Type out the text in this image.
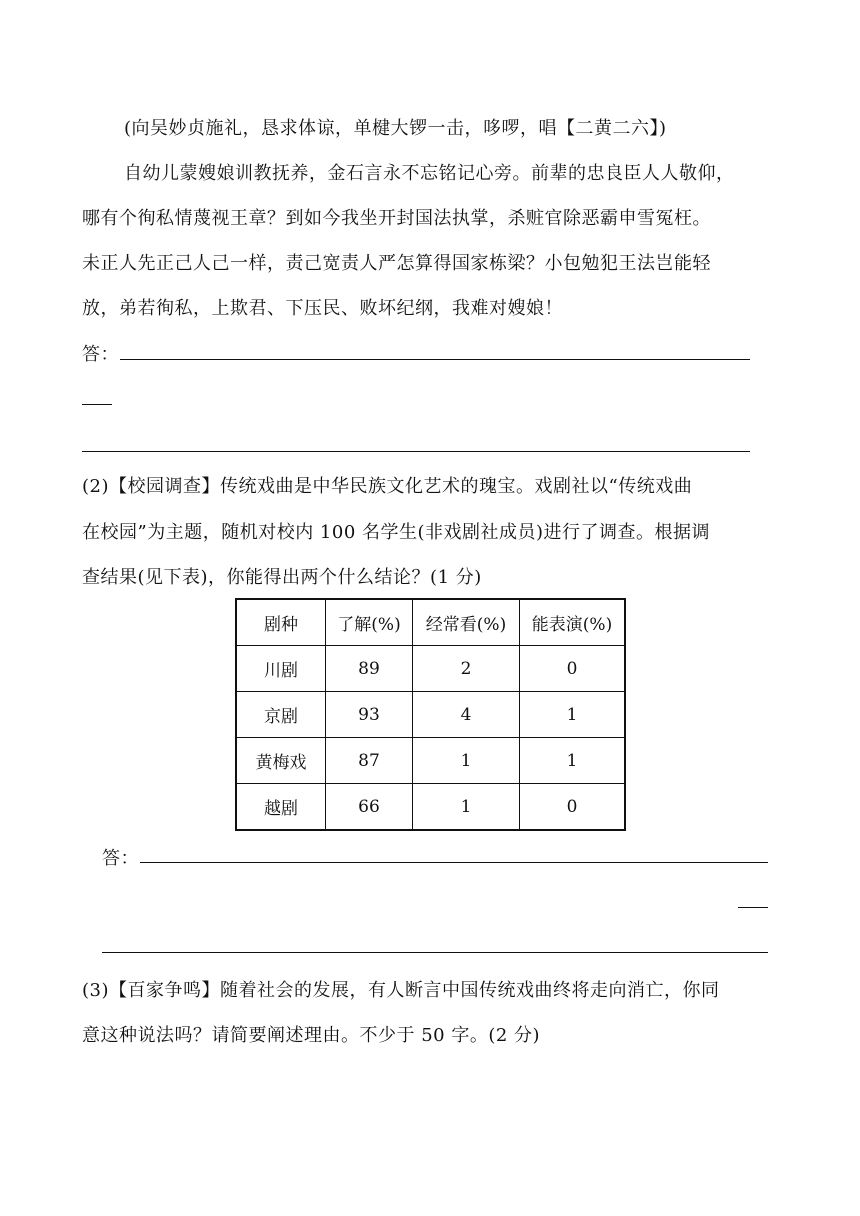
(向吴妙贞施礼，恳求体谅，单楗大锣一击，哆啰，唱【二黄二六】)
自幼儿蒙嫂娘训教抚养，金石言永不忘铭记心旁。前辈的忠良臣人人敬仰，
哪有个徇私情蔑视王章？到如今我坐开封国法执掌，杀赃官除恶霸申雪冤枉。
未正人先正己人己一样，责己宽责人严怎算得国家栋梁？小包勉犯王法岂能轻
放，弟若徇私，上欺君、下压民、败坏纪纲，我难对嫂娘！
答：
(2)【校园调查】传统戏曲是中华民族文化艺术的瑰宝。戏剧社以“传统戏曲
在校园”为主题，随机对校内 100 名学生(非戏剧社成员)进行了调查。根据调
查结果(见下表)，你能得出两个什么结论？(1 分)
剧种	了解(%)	经常看(%)	能表演(%)
川剧	89	2	0
京剧	93	4	1
黄梅戏	87	1	1
越剧	66	1	0
答：
(3)【百家争鸣】随着社会的发展，有人断言中国传统戏曲终将走向消亡，你同
意这种说法吗？请简要阐述理由。不少于 50 字。(2 分)
